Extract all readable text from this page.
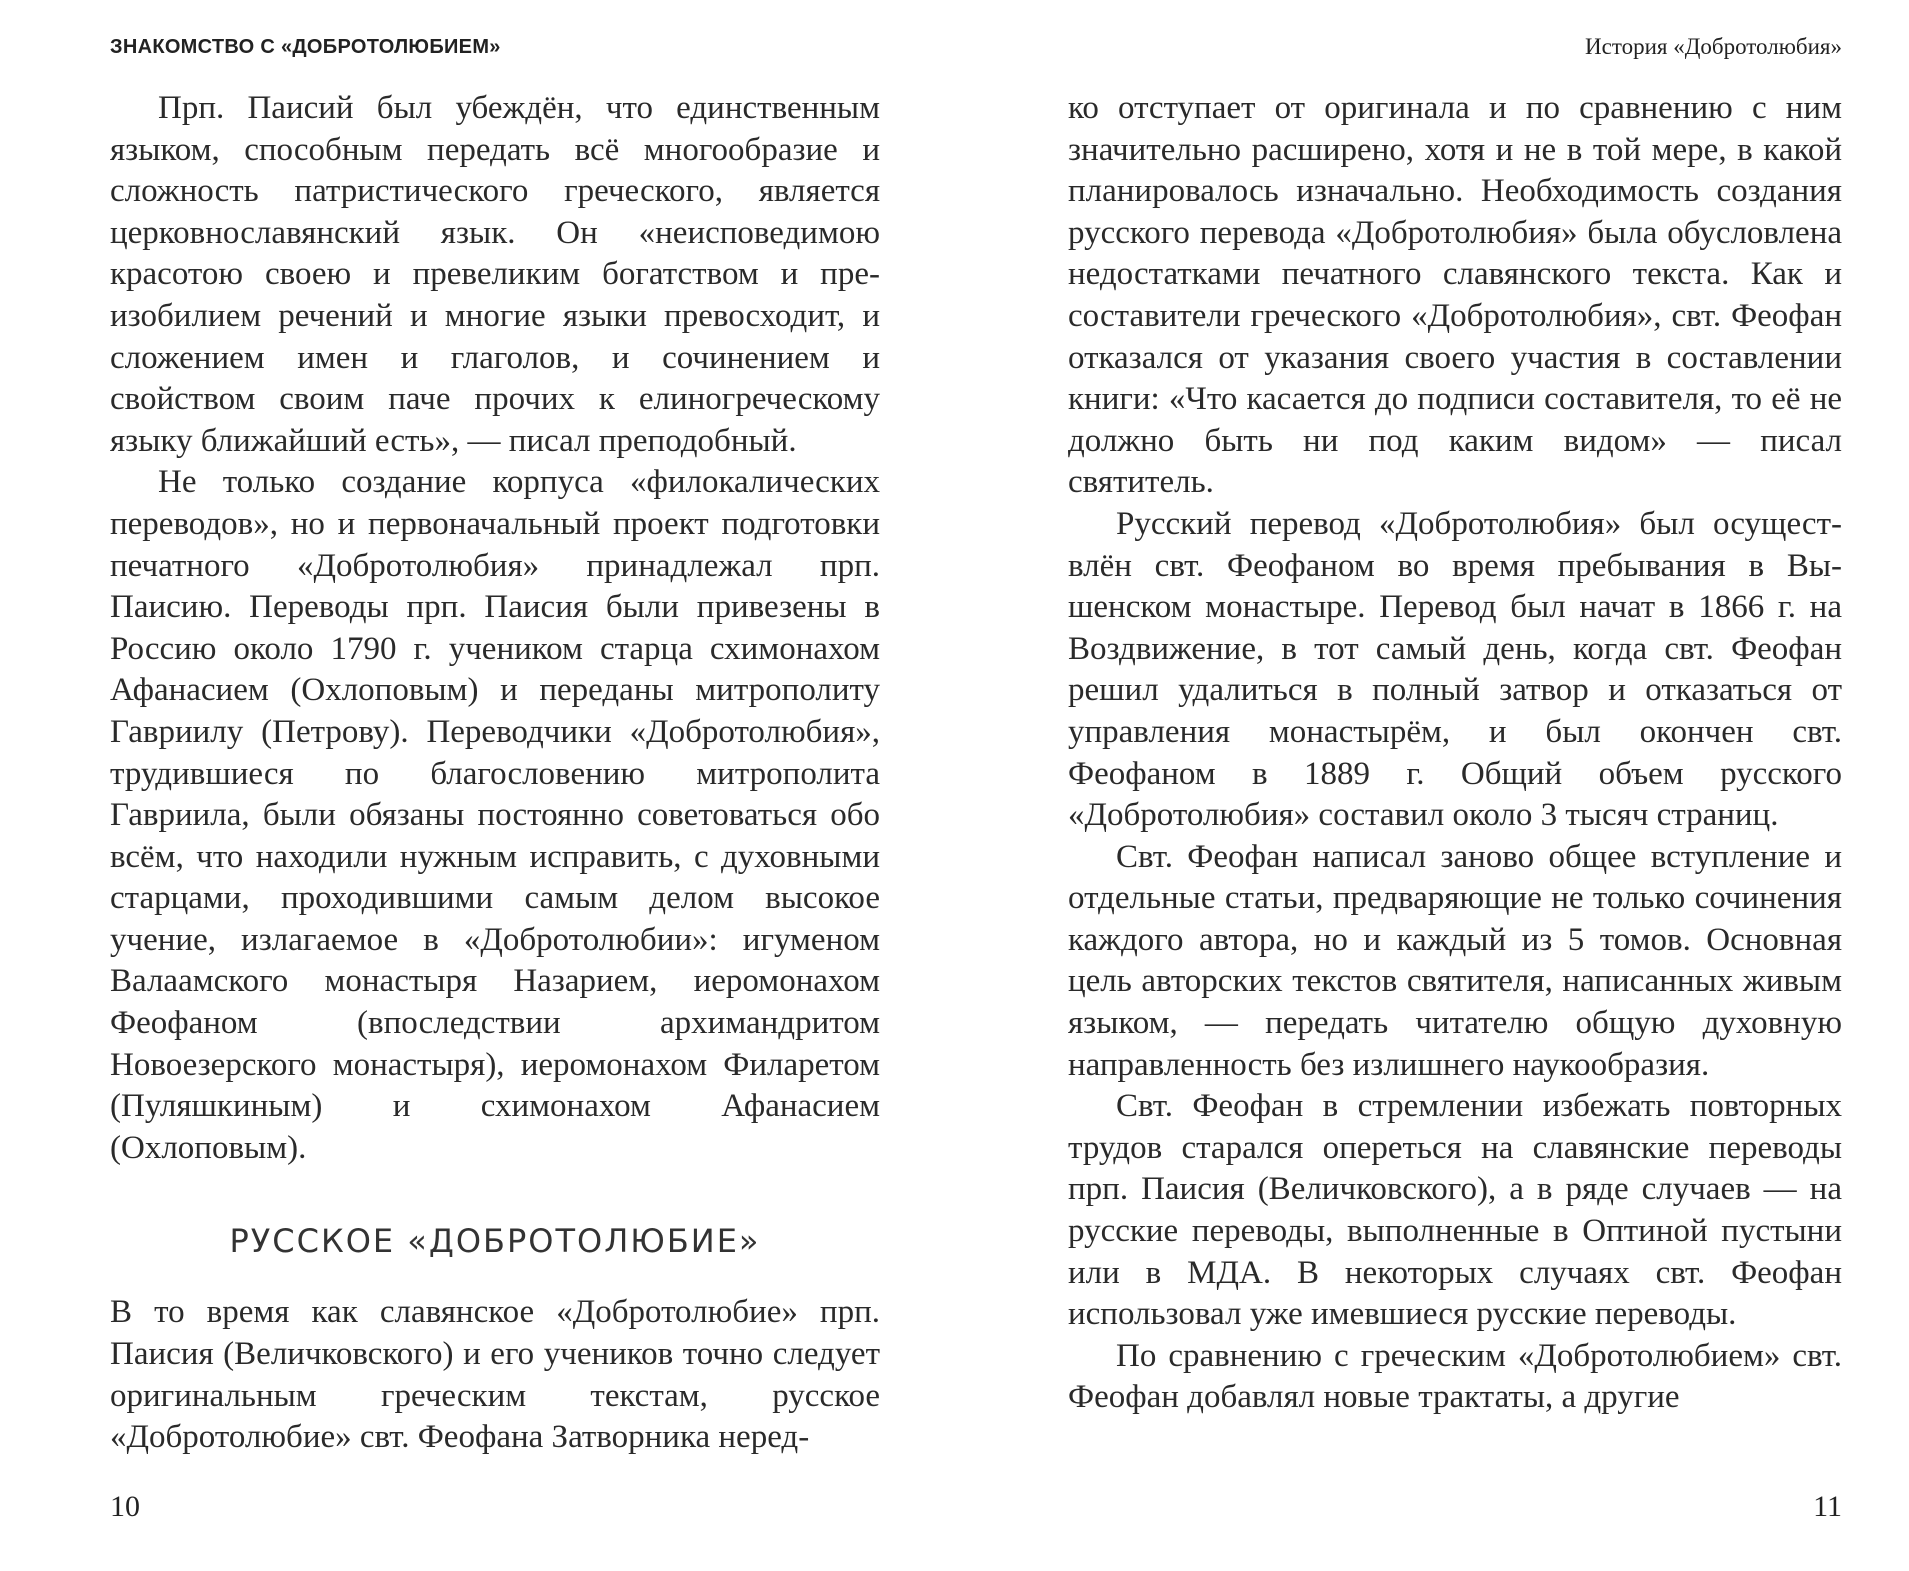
ЗНАКОМСТВО С «ДОБРОТОЛЮБИЕМ»

Прп. Паисий был убеждён, что единственным языком, способным передать всё многообразие и сложность патристического греческого, является церковнославянский язык. Он «неисповедимою красотою своею и превеликим богатством и преизобилием речений и многие языки превосходит, и сложением имен и глаголов, и сочинением и свойством своим паче прочих к елиногреческому языку ближайший есть», — писал преподобный.

Не только создание корпуса «филокалических переводов», но и первоначальный проект подготовки печатного «Добротолюбия» принадлежал прп. Паисию. Переводы прп. Паисия были привезены в Россию около 1790 г. учеником старца схимонахом Афанасием (Охлоповым) и переданы митрополиту Гавриилу (Петрову). Переводчики «Добротолюбия», трудившиеся по благословению митрополита Гавриила, были обязаны постоянно советоваться обо всём, что находили нужным исправить, с духовными старцами, проходившими самым делом высокое учение, излагаемое в «Добротолюбии»: игуменом Валаамского монастыря Назарием, иеромонахом Феофаном (впоследствии архимандритом Новоезерского монастыря), иеромонахом Филаретом (Пуляшкиным) и схимонахом Афанасием (Охлоповым).

РУССКОЕ «ДОБРОТОЛЮБИЕ»

В то время как славянское «Добротолюбие» прп. Паисия (Величковского) и его учеников точно следует оригинальным греческим текстам, русское «Добротолюбие» свт. Феофана Затворника неред-

10
История «Добротолюбия»

ко отступает от оригинала и по сравнению с ним значительно расширено, хотя и не в той мере, в какой планировалось изначально. Необходимость создания русского перевода «Добротолюбия» была обусловлена недостатками печатного славянского текста. Как и составители греческого «Добротолюбия», свт. Феофан отказался от указания своего участия в составлении книги: «Что касается до подписи составителя, то её не должно быть ни под каким видом» — писал святитель.

Русский перевод «Добротолюбия» был осуществлён свт. Феофаном во время пребывания в Вышенском монастыре. Перевод был начат в 1866 г. на Воздвижение, в тот самый день, когда свт. Феофан решил удалиться в полный затвор и отказаться от управления монастырём, и был окончен свт. Феофаном в 1889 г. Общий объем русского «Добротолюбия» составил около 3 тысяч страниц.

Свт. Феофан написал заново общее вступление и отдельные статьи, предваряющие не только сочинения каждого автора, но и каждый из 5 томов. Основная цель авторских текстов святителя, написанных живым языком, — передать читателю общую духовную направленность без излишнего наукообразия.

Свт. Феофан в стремлении избежать повторных трудов старался опереться на славянские переводы прп. Паисия (Величковского), а в ряде случаев — на русские переводы, выполненные в Оптиной пустыни или в МДА. В некоторых случаях свт. Феофан использовал уже имевшиеся русские переводы.

По сравнению с греческим «Добротолюбием» свт. Феофан добавлял новые трактаты, а другие

11
